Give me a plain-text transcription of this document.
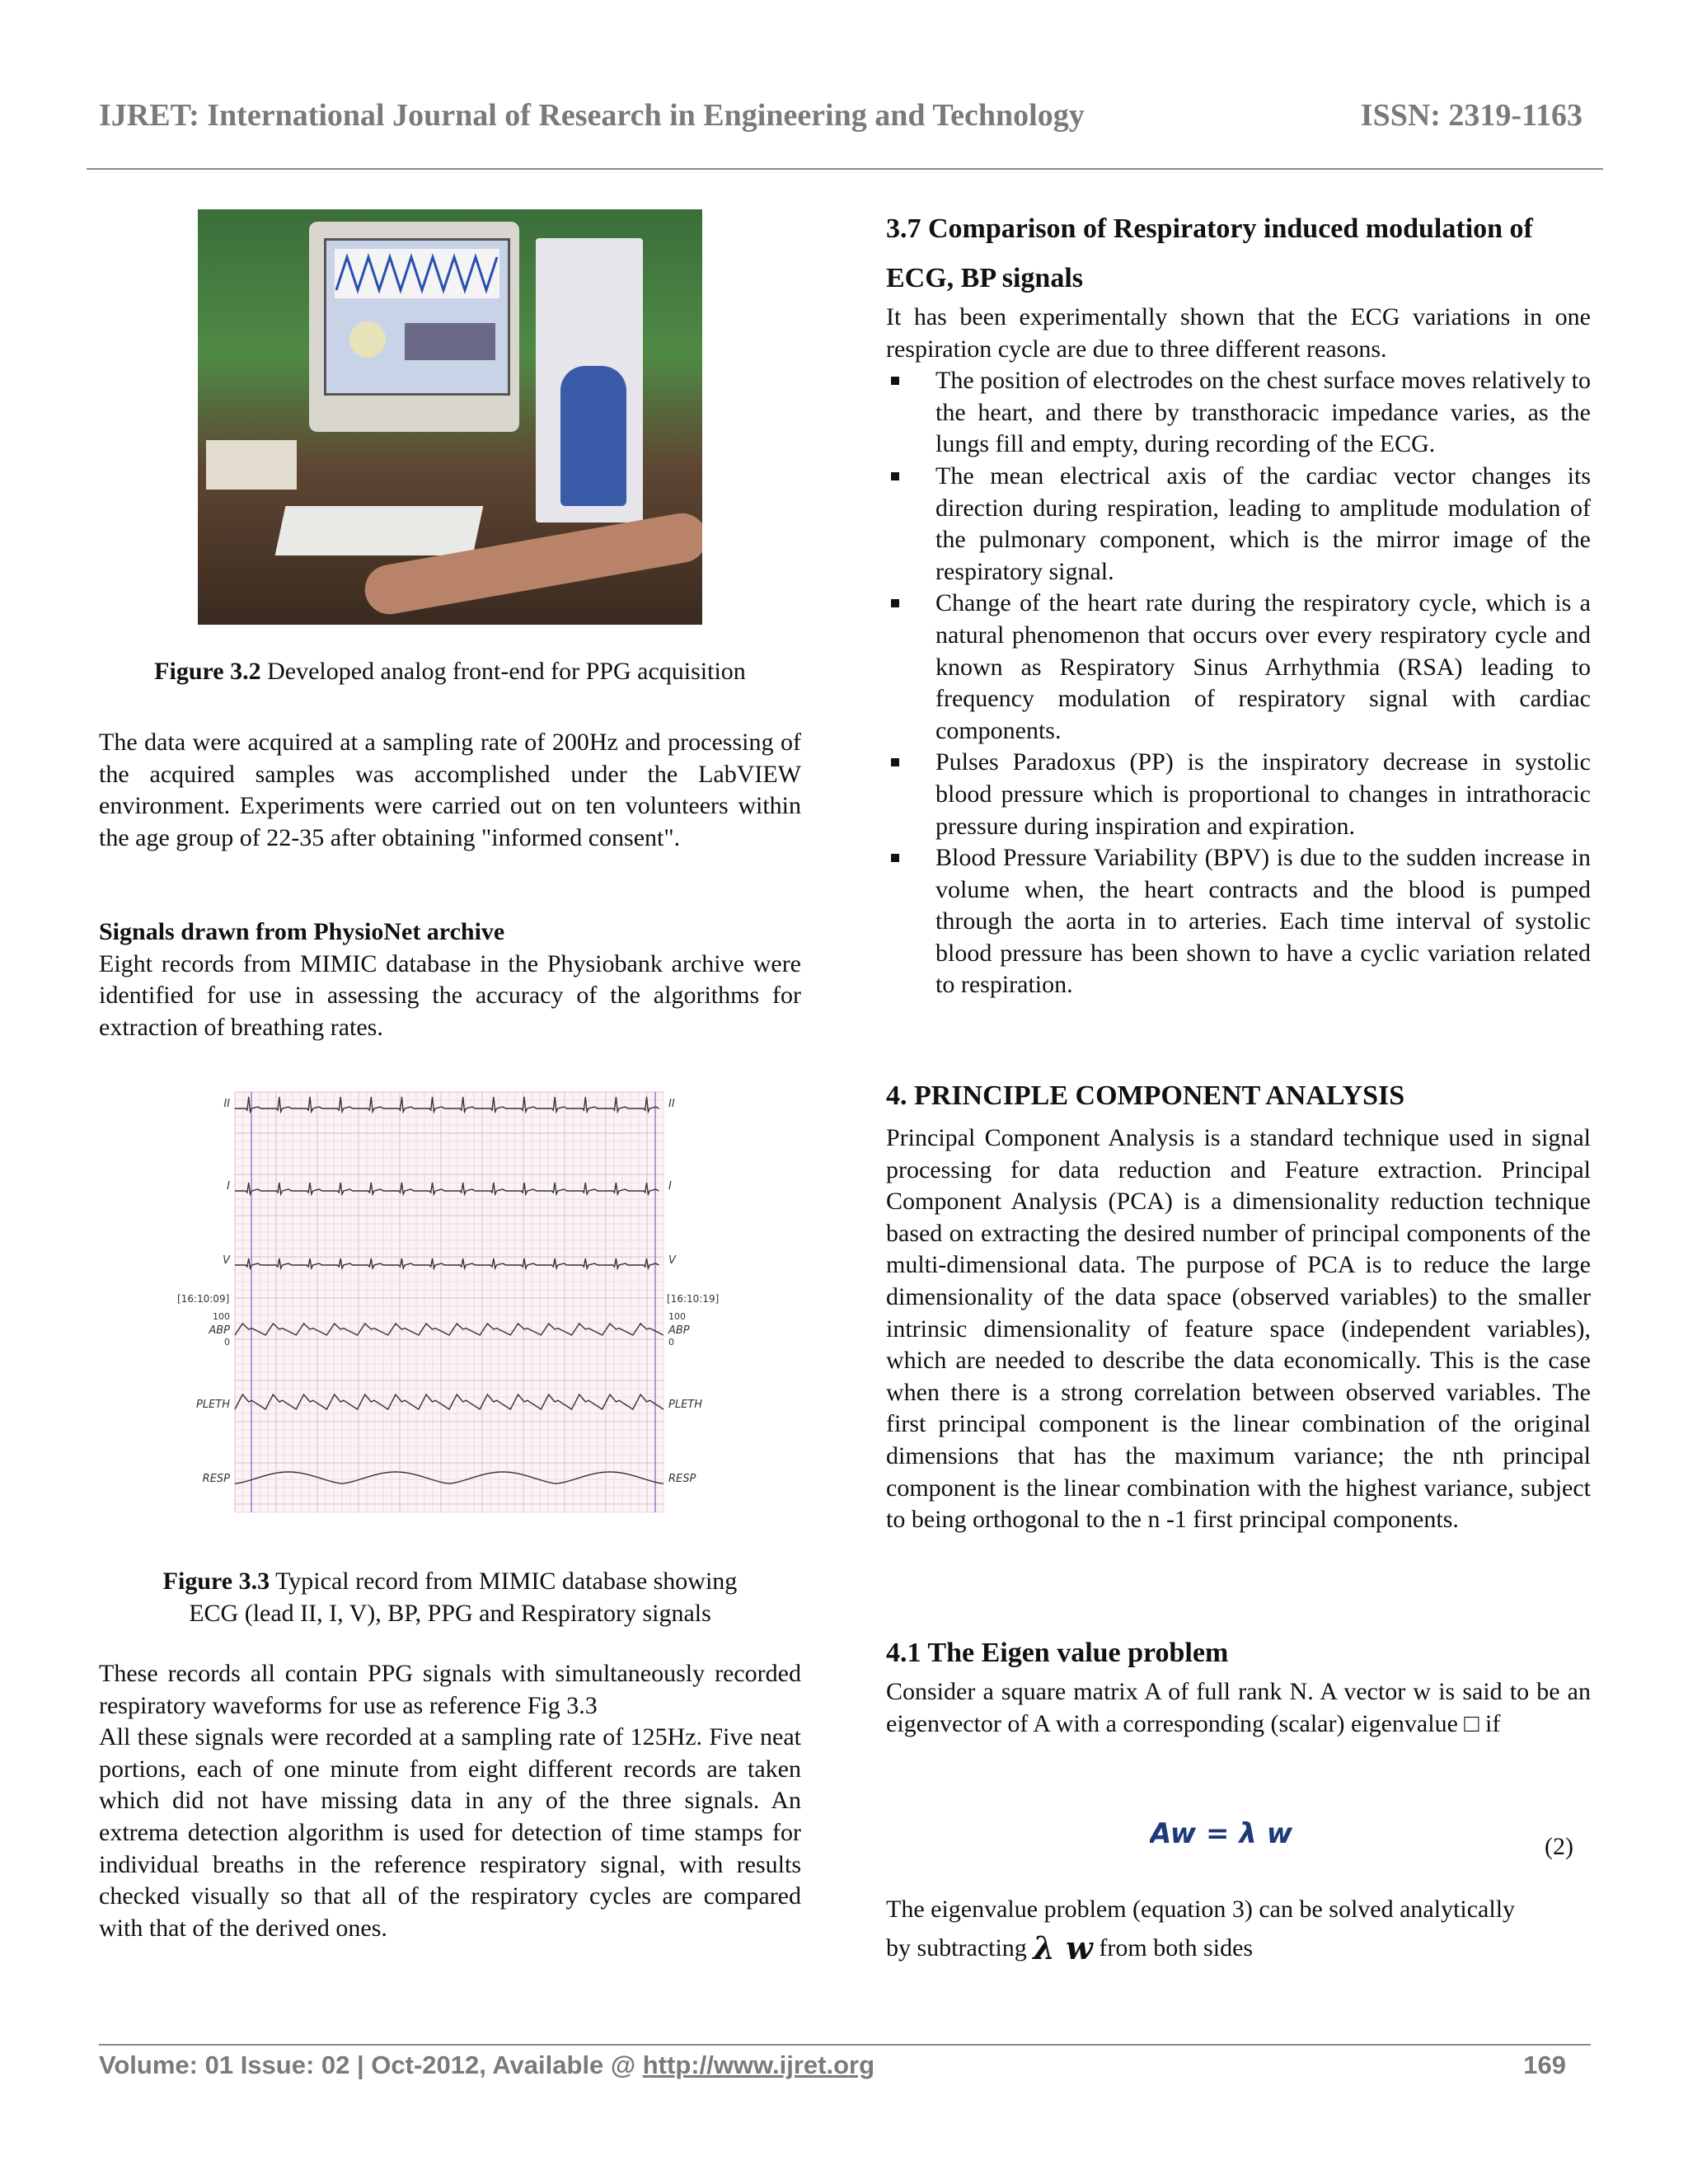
IJRET: International Journal of Research in Engineering and Technology	ISSN: 2319-1163
Figure 3.2 Developed analog front-end for PPG acquisition

The data were acquired at a sampling rate of 200Hz and processing of the acquired samples was accomplished under the LabVIEW environment. Experiments were carried out on ten volunteers within the age group of 22-35 after obtaining "informed consent".

Signals drawn from PhysioNet archive

Eight records from MIMIC database in the Physiobank archive were identified for use in assessing the accuracy of the algorithms for extraction of breathing rates.

II	II
I	I
V	V
ABP	ABP
PLETH	PLETH
RESP	RESP
[16:10:09]	[16:10:19]
100
0
100
0
Figure 3.3 Typical record from MIMIC database showing
ECG (lead II, I, V), BP, PPG and Respiratory signals

These records all contain PPG signals with simultaneously recorded respiratory waveforms for use as reference Fig 3.3

All these signals were recorded at a sampling rate of 125Hz. Five neat portions, each of one minute from eight different records are taken which did not have missing data in any of the three signals. An extrema detection algorithm is used for detection of time stamps for individual breaths in the reference respiratory signal, with results checked visually so that all of the respiratory cycles are compared with that of the derived ones.

3.7 Comparison of Respiratory induced modulation of
ECG, BP signals

It has been experimentally shown that the ECG variations in one respiration cycle are due to three different reasons.

The position of electrodes on the chest surface moves relatively to the heart, and there by transthoracic impedance varies, as the lungs fill and empty, during recording of the ECG.
The mean electrical axis of the cardiac vector changes its direction during respiration, leading to amplitude modulation of the pulmonary component, which is the mirror image of the respiratory signal.
Change of the heart rate during the respiratory cycle, which is a natural phenomenon that occurs over every respiratory cycle and known as Respiratory Sinus Arrhythmia (RSA) leading to frequency modulation of respiratory signal with cardiac components.
Pulses Paradoxus (PP) is the inspiratory decrease in systolic blood pressure which is proportional to changes in intrathoracic pressure during inspiration and expiration.
Blood Pressure Variability (BPV) is due to the sudden increase in volume when, the heart contracts and the blood is pumped through the aorta in to arteries. Each time interval of systolic blood pressure has been shown to have a cyclic variation related to respiration.
4. PRINCIPLE COMPONENT ANALYSIS

Principal Component Analysis is a standard technique used in signal processing for data reduction and Feature extraction. Principal Component Analysis (PCA) is a dimensionality reduction technique based on extracting the desired number of principal components of the multi-dimensional data. The purpose of PCA is to reduce the large dimensionality of the data space (observed variables) to the smaller intrinsic dimensionality of feature space (independent variables), which are needed to describe the data economically. This is the case when there is a strong correlation between observed variables. The first principal component is the linear combination of the original dimensions that has the maximum variance; the nth principal component is the linear combination with the highest variance, subject to being orthogonal to the n -1 first principal components.

4.1 The Eigen value problem

Consider a square matrix A of full rank N. A vector w is said to be an eigenvector of A with a corresponding (scalar) eigenvalue □ if

Aw = λ w	(2)

The eigenvalue problem (equation 3) can be solved analytically

by subtracting λ w from both sides

Volume: 01 Issue: 02 | Oct-2012, Available @ http://www.ijret.org	169
